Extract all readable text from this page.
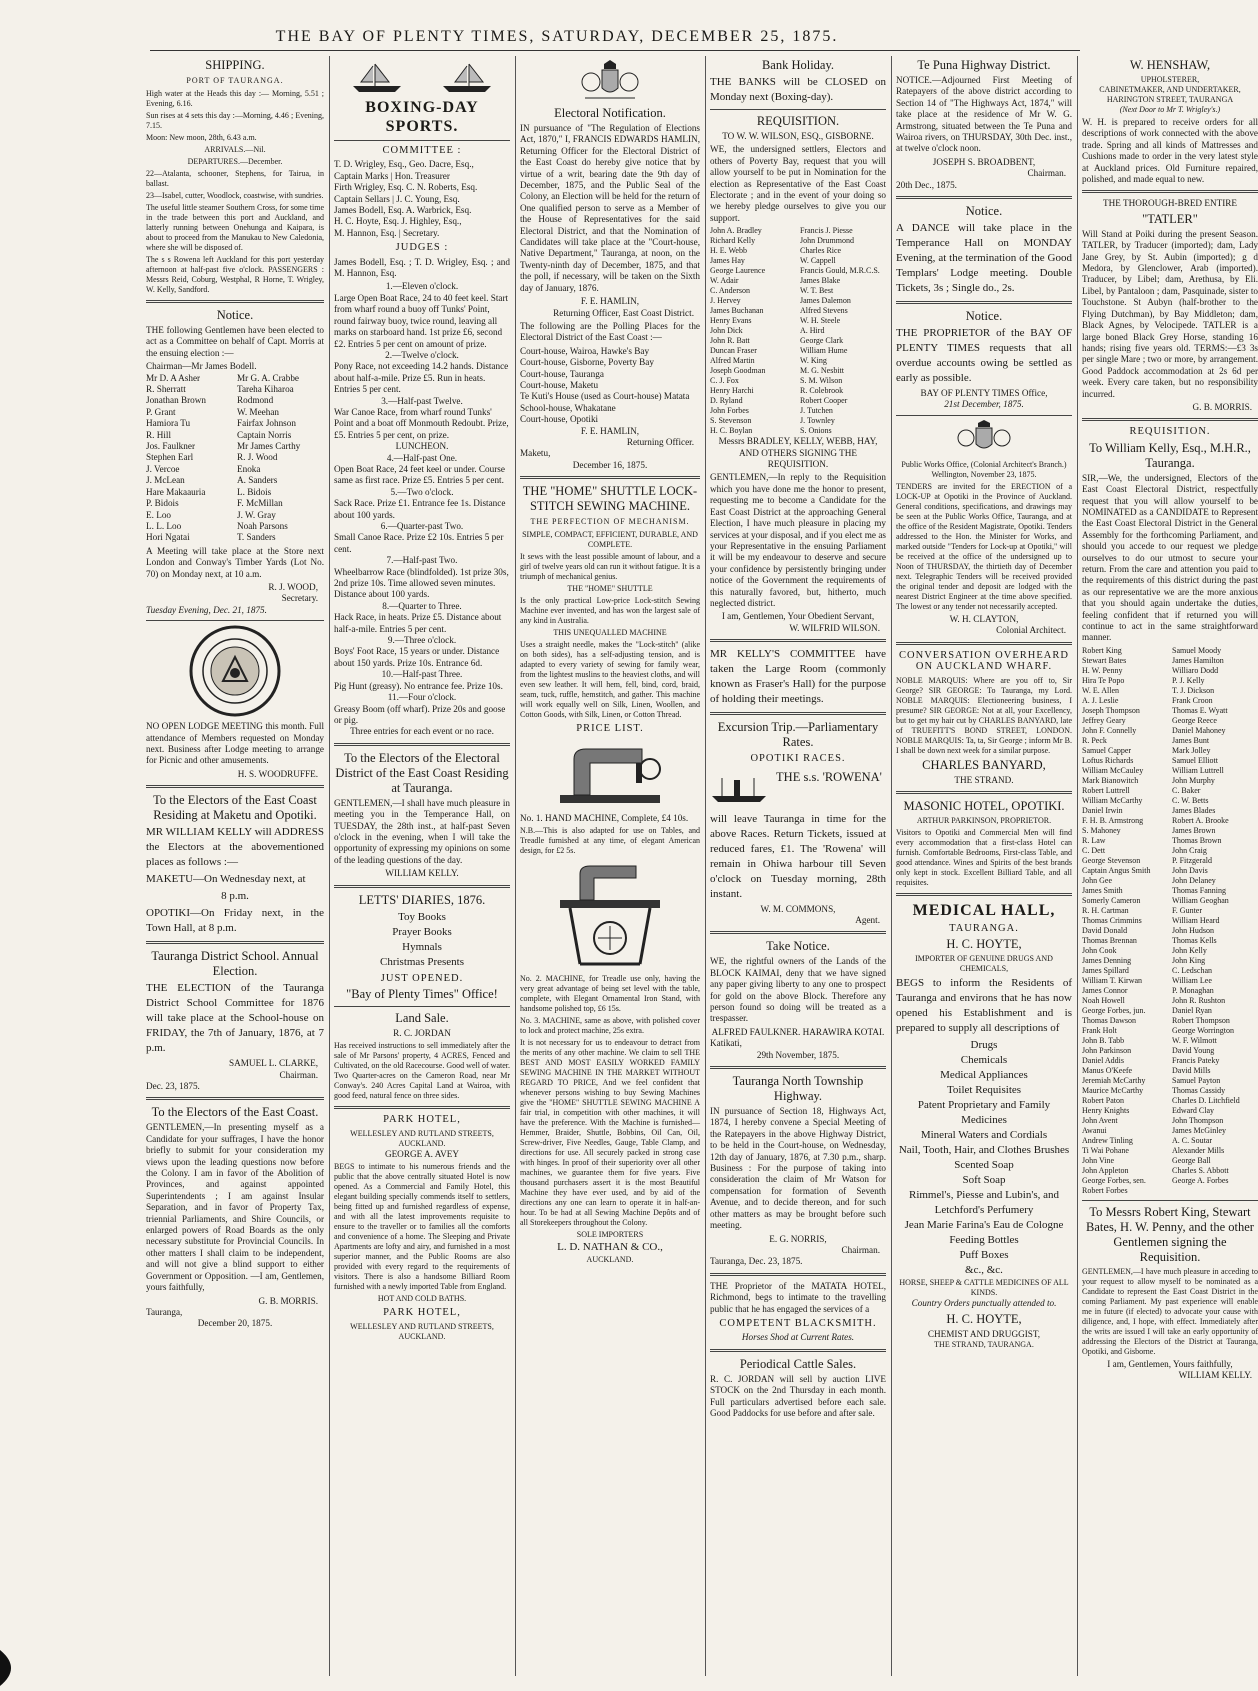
THE BAY OF PLENTY TIMES, SATURDAY, DECEMBER 25, 1875.
SHIPPING.
PORT OF TAURANGA.

High water at the Heads this day :— Morning, 5.51 ; Evening, 6.16.

Sun rises at 4 sets this day :—Morning, 4.46 ; Evening, 7.15.

Moon: New moon, 28th, 6.43 a.m.

ARRIVALS.—Nil.

DEPARTURES.—December.

22—Atalanta, schooner, Stephens, for Tairua, in ballast.

23—Isabel, cutter, Woodlock, coastwise, with sundries.

The useful little steamer Southern Cross, for some time in the trade between this port and Auckland, and latterly running between Onehunga and Kaipara, is about to proceed from the Manukau to New Caledonia, where she will be disposed of.

The s s Rowena left Auckland for this port yesterday afternoon at half-past five o'clock. PASSENGERS : Messrs Reid, Coburg, Westphal, R Horne, T. Wrigley, W. Kelly, Sandford.

Notice.

THE following Gentlemen have been elected to act as a Committee on behalf of Capt. Morris at the ensuing election :—

Chairman—Mr James Bodell.
Mr D. A Asher	Mr G. A. Crabbe
R. Sherratt	Tareha Kiharoa
Jonathan Brown	Rodmond
P. Grant	W. Meehan
Hamiora Tu	Fairfax Johnson
R. Hill	Captain Norris
Jos. Faulkner	Mr James Carthy
Stephen Earl	R. J. Wood
J. Vercoe	Enoka
J. McLean	A. Sanders
Hare Makaauria	L. Bidois
P. Bidois	F. McMillan
E. Loo	J. W. Gray
L. L. Loo	Noah Parsons
Hori Ngatai	T. Sanders

A Meeting will take place at the Store next London and Conway's Timber Yards (Lot No. 70) on Monday next, at 10 a.m.

R. J. WOOD,
Secretary.
Tuesday Evening, Dec. 21, 1875.

NO OPEN LODGE MEETING this month. Full attendance of Members requested on Monday next. Business after Lodge meeting to arrange for Picnic and other amusements.

H. S. WOODRUFFE.
To the Electors of the East Coast Residing at Maketu and Opotiki.

MR WILLIAM KELLY will ADDRESS the Electors at the abovementioned places as follows :—

MAKETU—On Wednesday next, at

8 p.m.

OPOTIKI—On Friday next, in the Town Hall, at 8 p.m.

Tauranga District School. Annual Election.

THE ELECTION of the Tauranga District School Committee for 1876 will take place at the School-house on FRIDAY, the 7th of January, 1876, at 7 p.m.

SAMUEL L. CLARKE,
Chairman.
Dec. 23, 1875.
To the Electors of the East Coast.

GENTLEMEN,—In presenting myself as a Candidate for your suffrages, I have the honor briefly to submit for your consideration my views upon the leading questions now before the Colony. I am in favor of the Abolition of Provinces, and against appointed Superintendents ; I am against Insular Separation, and in favor of Property Tax, triennial Parliaments, and Shire Councils, or enlarged powers of Road Boards as the only necessary substitute for Provincial Councils. In other matters I shall claim to be independent, and will not give a blind support to either Government or Opposition. —I am, Gentlemen, yours faithfully,

G. B. MORRIS.
Tauranga,
December 20, 1875.
BOXING-DAY SPORTS.
COMMITTEE :
T. D. Wrigley, Esq., Geo. Dacre, Esq.,
Captain Marks | Hon. Treasurer
Firth Wrigley, Esq. C. N. Roberts, Esq.
Captain Sellars | J. C. Young, Esq.
James Bodell, Esq. A. Warbrick, Esq.
H. C. Hoyte, Esq. J. Highley, Esq.,
M. Hannon, Esq. | Secretary.
JUDGES :

James Bodell, Esq. ; T. D. Wrigley, Esq. ; and M. Hannon, Esq.

1.—Eleven o'clock.
Large Open Boat Race, 24 to 40 feet keel. Start from wharf round a buoy off Tunks' Point, round fairway buoy, twice round, leaving all marks on starboard hand. 1st prize £6, second £2. Entries 5 per cent on amount of prize.
2.—Twelve o'clock.
Pony Race, not exceeding 14.2 hands. Distance about half-a-mile. Prize £5. Run in heats. Entries 5 per cent.
3.—Half-past Twelve.
War Canoe Race, from wharf round Tunks' Point and a boat off Monmouth Redoubt. Prize, £5. Entries 5 per cent, on prize.
LUNCHEON.
4.—Half-past One.
Open Boat Race, 24 feet keel or under. Course same as first race. Prize £5. Entries 5 per cent.
5.—Two o'clock.
Sack Race. Prize £1. Entrance fee 1s. Distance about 100 yards.
6.—Quarter-past Two.
Small Canoe Race. Prize £2 10s. Entries 5 per cent.
7.—Half-past Two.
Wheelbarrow Race (blindfolded). 1st prize 30s, 2nd prize 10s. Time allowed seven minutes. Distance about 100 yards.
8.—Quarter to Three.
Hack Race, in heats. Prize £5. Distance about half-a-mile. Entries 5 per cent.
9.—Three o'clock.
Boys' Foot Race, 15 years or under. Distance about 150 yards. Prize 10s. Entrance 6d.
10.—Half-past Three.
Pig Hunt (greasy). No entrance fee. Prize 10s.
11.—Four o'clock.
Greasy Boom (off wharf). Prize 20s and goose or pig.
Three entries for each event or no race.
To the Electors of the Electoral District of the East Coast Residing at Tauranga.

GENTLEMEN,—I shall have much pleasure in meeting you in the Temperance Hall, on TUESDAY, the 28th inst., at half-past Seven o'clock in the evening, when I will take the opportunity of expressing my opinions on some of the leading questions of the day.

WILLIAM KELLY.
LETTS' DIARIES, 1876.
Toy Books
Prayer Books
Hymnals
Christmas Presents
JUST OPENED.
"Bay of Plenty Times" Office!
Land Sale.
R. C. JORDAN

Has received instructions to sell immediately after the sale of Mr Parsons' property, 4 ACRES, Fenced and Cultivated, on the old Racecourse. Good well of water. Two Quarter-acres on the Cameron Road, near Mr Conway's. 240 Acres Capital Land at Wairoa, with good feed, natural fence on three sides.

PARK HOTEL,
WELLESLEY AND RUTLAND STREETS, AUCKLAND.
GEORGE A. AVEY

BEGS to intimate to his numerous friends and the public that the above centrally situated Hotel is now opened. As a Commercial and Family Hotel, this elegant building specially commends itself to settlers, being fitted up and furnished regardless of expense, and with all the latest improvements requisite to ensure to the traveller or to families all the comforts and convenience of a home. The Sleeping and Private Apartments are lofty and airy, and furnished in a most superior manner, and the Public Rooms are also provided with every regard to the requirements of visitors. There is also a handsome Billiard Room furnished with a newly imported Table from England.

HOT AND COLD BATHS.
PARK HOTEL,
WELLESLEY AND RUTLAND STREETS,
AUCKLAND.
Electoral Notification.

IN pursuance of "The Regulation of Elections Act, 1870," I, FRANCIS EDWARDS HAMLIN, Returning Officer for the Electoral District of the East Coast do hereby give notice that by virtue of a writ, bearing date the 9th day of December, 1875, and the Public Seal of the Colony, an Election will be held for the return of One qualified person to serve as a Member of the House of Representatives for the said Electoral District, and that the Nomination of Candidates will take place at the "Court-house, Native Department," Tauranga, at noon, on the Twenty-ninth day of December, 1875, and that the poll, if necessary, will be taken on the Sixth day of January, 1876.

F. E. HAMLIN,
Returning Officer, East Coast District.

The following are the Polling Places for the Electoral District of the East Coast :—

Court-house, Wairoa, Hawke's Bay
Court-house, Gisborne, Poverty Bay
Court-house, Tauranga
Court-house, Maketu
Te Kuti's House (used as Court-house) Matata
School-house, Whakatane
Court-house, Opotiki
F. E. HAMLIN,
Returning Officer.
Maketu,
December 16, 1875.
THE "HOME" SHUTTLE LOCK-STITCH SEWING MACHINE.
THE PERFECTION OF MECHANISM.
SIMPLE, COMPACT, EFFICIENT, DURABLE, AND COMPLETE.

It sews with the least possible amount of labour, and a girl of twelve years old can run it without fatigue. It is a triumph of mechanical genius.

THE "HOME" SHUTTLE

Is the only practical Low-price Lock-stitch Sewing Machine ever invented, and has won the largest sale of any kind in Australia.

THIS UNEQUALLED MACHINE

Uses a straight needle, makes the "Lock-stitch" (alike on both sides), has a self-adjusting tension, and is adapted to every variety of sewing for family wear, from the lightest muslins to the heaviest cloths, and will even sew leather. It will hem, fell, bind, cord, braid, seam, tuck, ruffle, hemstitch, and gather. This machine will work equally well on Silk, Linen, Woollen, and Cotton Goods, with Silk, Linen, or Cotton Thread.

PRICE LIST.
No. 1. HAND MACHINE, Complete, £4 10s.

N.B.—This is also adapted for use on Tables, and Treadle furnished at any time, of elegant American design, for £2 5s.

No. 2. MACHINE, for Treadle use only, having the very great advantage of being set level with the table, complete, with Elegant Ornamental Iron Stand, with handsome polished top, £6 15s.

No. 3. MACHINE, same as above, with polished cover to lock and protect machine, 25s extra.

It is not necessary for us to endeavour to detract from the merits of any other machine. We claim to sell THE BEST AND MOST EASILY WORKED FAMILY SEWING MACHINE IN THE MARKET WITHOUT REGARD TO PRICE, And we feel confident that whenever persons wishing to buy Sewing Machines give the "HOME" SHUTTLE SEWING MACHINE A fair trial, in competition with other machines, it will have the preference. With the Machine is furnished—Hemmer, Braider, Shuttle, Bobbins, Oil Can, Oil, Screw-driver, Five Needles, Gauge, Table Clamp, and directions for use. All securely packed in strong case with hinges. In proof of their superiority over all other machines, we guarantee them for five years. Five thousand purchasers assert it is the most Beautiful Machine they have ever used, and by aid of the directions any one can learn to operate it in half-an-hour. To be had at all Sewing Machine Depôts and of all Storekeepers throughout the Colony.

SOLE IMPORTERS
L. D. NATHAN & CO.,
AUCKLAND.
Bank Holiday.

THE BANKS will be CLOSED on Monday next (Boxing-day).

REQUISITION.
TO W. W. WILSON, ESQ., GISBORNE.

WE, the undersigned settlers, Electors and others of Poverty Bay, request that you will allow yourself to be put in Nomination for the election as Representative of the East Coast Electorate ; and in the event of your doing so we hereby pledge ourselves to give you our support.

John A. Bradley	Francis J. Piesse
Richard Kelly	John Drummond
H. E. Webb	Charles Rice
James Hay	W. Cappell
George Laurence	Francis Gould, M.R.C.S.
W. Adair	James Blake
C. Anderson	W. T. Best
J. Hervey	James Dalemon
James Buchanan	Alfred Stevens
Henry Evans	W. H. Steele
John Dick	A. Hird
John R. Batt	George Clark
Duncan Fraser	William Hume
Alfred Martin	W. King
Joseph Goodman	M. G. Nesbitt
C. J. Fox	S. M. Wilson
Henry Harchi	R. Colebrook
D. Ryland	Robert Cooper
John Forbes	J. Tutchen
S. Stevenson	J. Townley
H. C. Boylan	S. Onions
Messrs BRADLEY, KELLY, WEBB, HAY, AND OTHERS SIGNING THE REQUISITION.

GENTLEMEN,—In reply to the Requisition which you have done me the honor to present, requesting me to become a Candidate for the East Coast District at the approaching General Election, I have much pleasure in placing my services at your disposal, and if you elect me as your Representative in the ensuing Parliament it will be my endeavour to deserve and secure your confidence by persistently bringing under notice of the Government the requirements of this naturally favored, but, hitherto, much neglected district.

I am, Gentlemen, Your Obedient Servant,
W. WILFRID WILSON.

MR KELLY'S COMMITTEE have taken the Large Room (commonly known as Fraser's Hall) for the purpose of holding their meetings.

Excursion Trip.—Parliamentary Rates.
OPOTIKI RACES.
THE s.s. 'ROWENA'

will leave Tauranga in time for the above Races. Return Tickets, issued at reduced fares, £1. The 'Rowena' will remain in Ohiwa harbour till Seven o'clock on Tuesday morning, 28th instant.

W. M. COMMONS,
Agent.
Take Notice.

WE, the rightful owners of the Lands of the BLOCK KAIMAI, deny that we have signed any paper giving liberty to any one to prospect for gold on the above Block. Therefore any person found so doing will be treated as a trespasser.

ALFRED FAULKNER. HARAWIRA KOTAI.
Katikati,
29th November, 1875.
Tauranga North Township Highway.

IN pursuance of Section 18, Highways Act, 1874, I hereby convene a Special Meeting of the Ratepayers in the above Highway District, to be held in the Court-house, on Wednesday, 12th day of January, 1876, at 7.30 p.m., sharp. Business : For the purpose of taking into consideration the claim of Mr Watson for compensation for formation of Seventh Avenue, and to decide thereon, and for such other matters as may be brought before such meeting.

E. G. NORRIS,
Chairman.
Tauranga, Dec. 23, 1875.

THE Proprietor of the MATATA HOTEL, Richmond, begs to intimate to the travelling public that he has engaged the services of a

COMPETENT BLACKSMITH.
Horses Shod at Current Rates.
Periodical Cattle Sales.

R. C. JORDAN will sell by auction LIVE STOCK on the 2nd Thursday in each month. Full particulars advertised before each sale. Good Paddocks for use before and after sale.

Te Puna Highway District.

NOTICE.—Adjourned First Meeting of Ratepayers of the above district according to Section 14 of "The Highways Act, 1874," will take place at the residence of Mr W. G. Armstrong, situated between the Te Puna and Wairoa rivers, on THURSDAY, 30th Dec. inst., at twelve o'clock noon.

JOSEPH S. BROADBENT,
Chairman.
20th Dec., 1875.
Notice.

A DANCE will take place in the Temperance Hall on MONDAY Evening, at the termination of the Good Templars' Lodge meeting. Double Tickets, 3s ; Single do., 2s.

Notice.

THE PROPRIETOR of the BAY OF PLENTY TIMES requests that all overdue accounts owing be settled as early as possible.

BAY OF PLENTY TIMES Office,
21st December, 1875.
Public Works Office, (Colonial Architect's Branch.) Wellington, November 23, 1875.

TENDERS are invited for the ERECTION of a LOCK-UP at Opotiki in the Province of Auckland. General conditions, specifications, and drawings may be seen at the Public Works Office, Tauranga, and at the office of the Resident Magistrate, Opotiki. Tenders addressed to the Hon. the Minister for Works, and marked outside "Tenders for Lock-up at Opotiki," will be received at the office of the undersigned up to Noon of THURSDAY, the thirtieth day of December next. Telegraphic Tenders will be received provided the original tender and deposit are lodged with the nearest District Engineer at the time above specified. The lowest or any tender not necessarily accepted.

W. H. CLAYTON,
Colonial Architect.
CONVERSATION OVERHEARD ON AUCKLAND WHARF.

NOBLE MARQUIS: Where are you off to, Sir George? SIR GEORGE: To Tauranga, my Lord. NOBLE MARQUIS: Electioneering business, I presume? SIR GEORGE: Not at all, your Excellency, but to get my hair cut by CHARLES BANYARD, late of TRUEFITT'S BOND STREET, LONDON. NOBLE MARQUIS: Ta, ta, Sir George ; inform Mr B. I shall be down next week for a similar purpose.

CHARLES BANYARD,
THE STRAND.
MASONIC HOTEL, OPOTIKI.
ARTHUR PARKINSON, PROPRIETOR.

Visitors to Opotiki and Commercial Men will find every accommodation that a first-class Hotel can furnish. Comfortable Bedrooms, First-class Table, and good attendance. Wines and Spirits of the best brands only kept in stock. Excellent Billiard Table, and all requisites.

MEDICAL HALL,
TAURANGA.
H. C. HOYTE,
IMPORTER OF GENUINE DRUGS AND CHEMICALS,

BEGS to inform the Residents of Tauranga and environs that he has now opened his Establishment and is prepared to supply all descriptions of

Drugs
Chemicals
Medical Appliances
Toilet Requisites
Patent Proprietary and Family Medicines
Mineral Waters and Cordials
Nail, Tooth, Hair, and Clothes Brushes
Scented Soap
Soft Soap
Rimmel's, Piesse and Lubin's, and Letchford's Perfumery
Jean Marie Farina's Eau de Cologne
Feeding Bottles
Puff Boxes
&c., &c.
HORSE, SHEEP & CATTLE MEDICINES OF ALL KINDS.
Country Orders punctually attended to.
H. C. HOYTE,
CHEMIST AND DRUGGIST,
THE STRAND, TAURANGA.
W. HENSHAW,
UPHOLSTERER,
CABINETMAKER, AND UNDERTAKER,
HARINGTON STREET, TAURANGA
(Next Door to Mr T. Wrigley's.)

W. H. is prepared to receive orders for all descriptions of work connected with the above trade. Spring and all kinds of Mattresses and Cushions made to order in the very latest style at Auckland prices. Old Furniture repaired, polished, and made equal to new.

THE THOROUGH-BRED ENTIRE
"TATLER"

Will Stand at Poiki during the present Season. TATLER, by Traducer (imported); dam, Lady Jane Grey, by St. Aubin (imported); g d Medora, by Glenclower, Arab (imported). Traducer, by Libel; dam, Arethusa, by Eli. Libel, by Pantaloon ; dam, Pasquinade, sister to Touchstone. St Aubyn (half-brother to the Flying Dutchman), by Bay Middleton; dam, Black Agnes, by Velocipede. TATLER is a large boned Black Grey Horse, standing 16 hands; rising five years old. TERMS:—£3 3s per single Mare ; two or more, by arrangement. Good Paddock accommodation at 2s 6d per week. Every care taken, but no responsibility incurred.

G. B. MORRIS.
REQUISITION.
To William Kelly, Esq., M.H.R., Tauranga.

SIR,—We, the undersigned, Electors of the East Coast Electoral District, respectfully request that you will allow yourself to be NOMINATED as a CANDIDATE to Represent the East Coast Electoral District in the General Assembly for the forthcoming Parliament, and should you accede to our request we pledge ourselves to do our utmost to secure your return. From the care and attention you paid to the requirements of this district during the past as our representative we are the more anxious that you should again undertake the duties, feeling confident that if returned you will continue to act in the same straightforward manner.

Robert King	Samuel Moody
Stewart Bates	James Hamilton
H. W. Penny	Williaro Dodd
Hira Te Popo	P. J. Kelly
W. E. Allen	T. J. Dickson
A. J. Leslie	Frank Croon
Joseph Thompson	Thomas E. Wyatt
Jeffrey Geary	George Reece
John F. Connelly	Daniel Mahoney
R. Peck	James Bunt
Samuel Capper	Mark Jolley
Loftus Richards	Samuel Elliott
William McCauley	William Luttrell
Mark Bianowitch	John Murphy
Robert Luttrell	C. Baker
William McCarthy	C. W. Betts
Daniel Irwin	James Blades
F. H. B. Armstrong	Robert A. Brooke
S. Mahoney	James Brown
R. Law	Thomas Brown
C. Dett	John Craig
George Stevenson	P. Fitzgerald
Captain Angus Smith	John Davis
John Gee	John Delaney
James Smith	Thomas Fanning
Somerly Cameron	William Geoghan
R. H. Cartman	F. Gunter
Thomas Crimmins	William Heard
David Donald	John Hudson
Thomas Brennan	Thomas Kells
John Cook	John Kelly
James Denning	John King
James Spillard	C. Ledschan
William T. Kirwan	William Lee
James Connor	P. Monaghan
Noah Howell	John R. Rushton
George Forbes, jun.	Daniel Ryan
Thomas Dawson	Robert Thompson
Frank Holt	George Worrington
John B. Tabb	W. F. Wilmott
John Parkinson	David Young
Daniel Addis	Francis Pateky
Manus O'Keefe	David Mills
Jeremiah McCarthy	Samuel Payton
Maurice McCarthy	Thomas Cassidy
Robert Paton	Charles D. Litchfield
Henry Knights	Edward Clay
John Avent	John Thompson
Awanui	James McGinley
Andrew Tinling	A. C. Soutar
Ti Wai Pohane	Alexander Mills
John Vine	George Ball
John Appleton	Charles S. Abbott
George Forbes, sen.	George A. Forbes
Robert Forbes
To Messrs Robert King, Stewart Bates, H. W. Penny, and the other Gentlemen signing the Requisition.

GENTLEMEN,—I have much pleasure in acceding to your request to allow myself to be nominated as a Candidate to represent the East Coast District in the coming Parliament. My past experience will enable me in future (if elected) to advocate your cause with diligence, and, I hope, with effect. Immediately after the writs are issued I will take an early opportunity of addressing the Electors of the District at Tauranga, Opotiki, and Gisborne.

I am, Gentlemen, Yours faithfully,
WILLIAM KELLY.
